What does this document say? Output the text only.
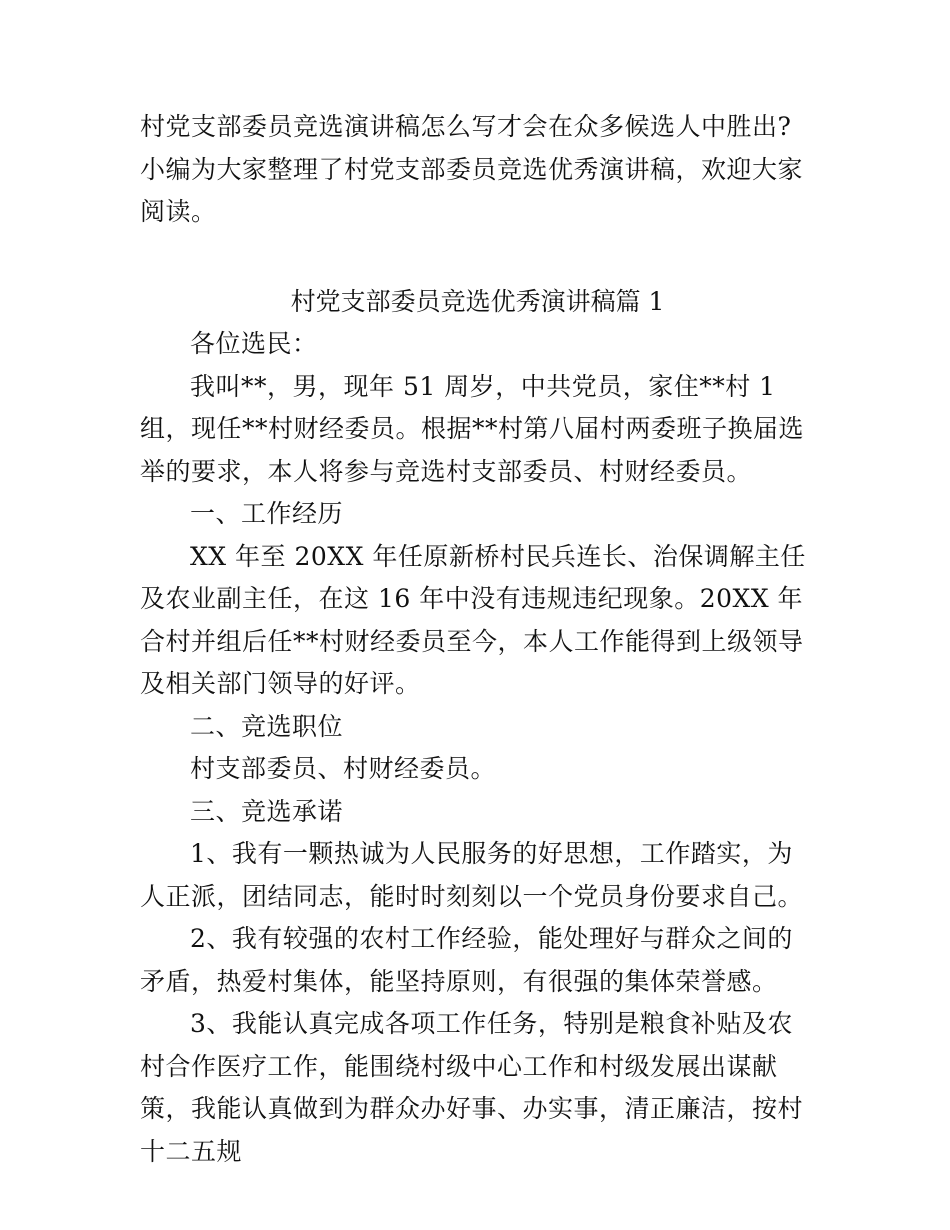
村党支部委员竞选演讲稿怎么写才会在众多候选人中胜出?小编为大家整理了村党支部委员竞选优秀演讲稿，欢迎大家阅读。

村党支部委员竞选优秀演讲稿篇 1

各位选民：

我叫**，男，现年 51 周岁，中共党员，家住**村 1 组，现任**村财经委员。根据**村第八届村两委班子换届选举的要求，本人将参与竞选村支部委员、村财经委员。

一、工作经历

XX 年至 20XX 年任原新桥村民兵连长、治保调解主任及农业副主任，在这 16 年中没有违规违纪现象。20XX 年合村并组后任**村财经委员至今，本人工作能得到上级领导及相关部门领导的好评。

二、竞选职位

村支部委员、村财经委员。

三、竞选承诺

1、我有一颗热诚为人民服务的好思想，工作踏实，为人正派，团结同志，能时时刻刻以一个党员身份要求自己。

2、我有较强的农村工作经验，能处理好与群众之间的矛盾，热爱村集体，能坚持原则，有很强的集体荣誉感。

3、我能认真完成各项工作任务，特别是粮食补贴及农村合作医疗工作，能围绕村级中心工作和村级发展出谋献策，我能认真做到为群众办好事、办实事，清正廉洁，按村十二五规
